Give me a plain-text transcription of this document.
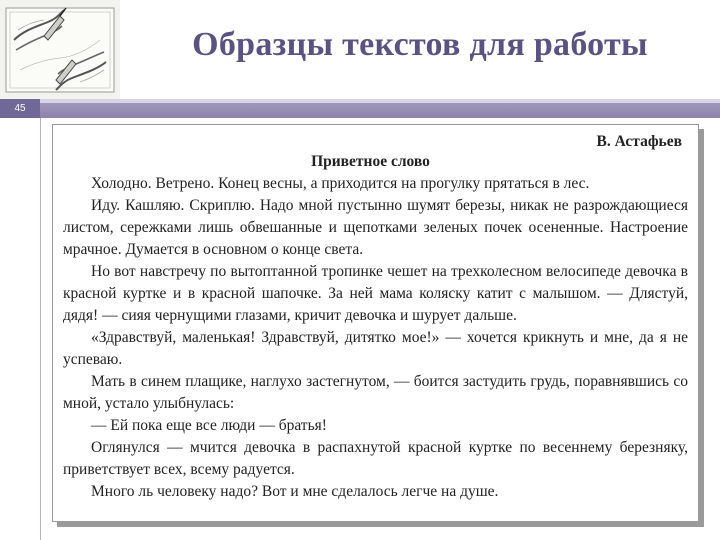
Образцы текстов для работы
45
В. Астафьев
Приветное слово

Холодно. Ветрено. Конец весны, а приходится на прогулку прятаться в лес.

Иду. Кашляю. Скриплю. Надо мной пустынно шумят березы, никак не разрождающиеся листом, сережками лишь обвешанные и щепотками зеленых почек осененные. Настроение мрачное. Думается в основном о конце света.

Но вот навстречу по вытоптанной тропинке чешет на трехколесном велосипеде девочка в красной куртке и в красной шапочке. За ней мама коляску катит с малышом. — Длястуй, дядя! — сияя чернущими глазами, кричит девочка и шурует дальше.

«Здравствуй, маленькая! Здравствуй, дитятко мое!» — хочется крикнуть и мне, да я не успеваю.

Мать в синем плащике, наглухо застегнутом, — боится застудить грудь, поравнявшись со мной, устало улыбнулась:

— Ей пока еще все люди — братья!

Оглянулся — мчится девочка в распахнутой красной куртке по весеннему березняку, приветствует всех, всему радуется.

Много ль человеку надо? Вот и мне сделалось легче на душе.
